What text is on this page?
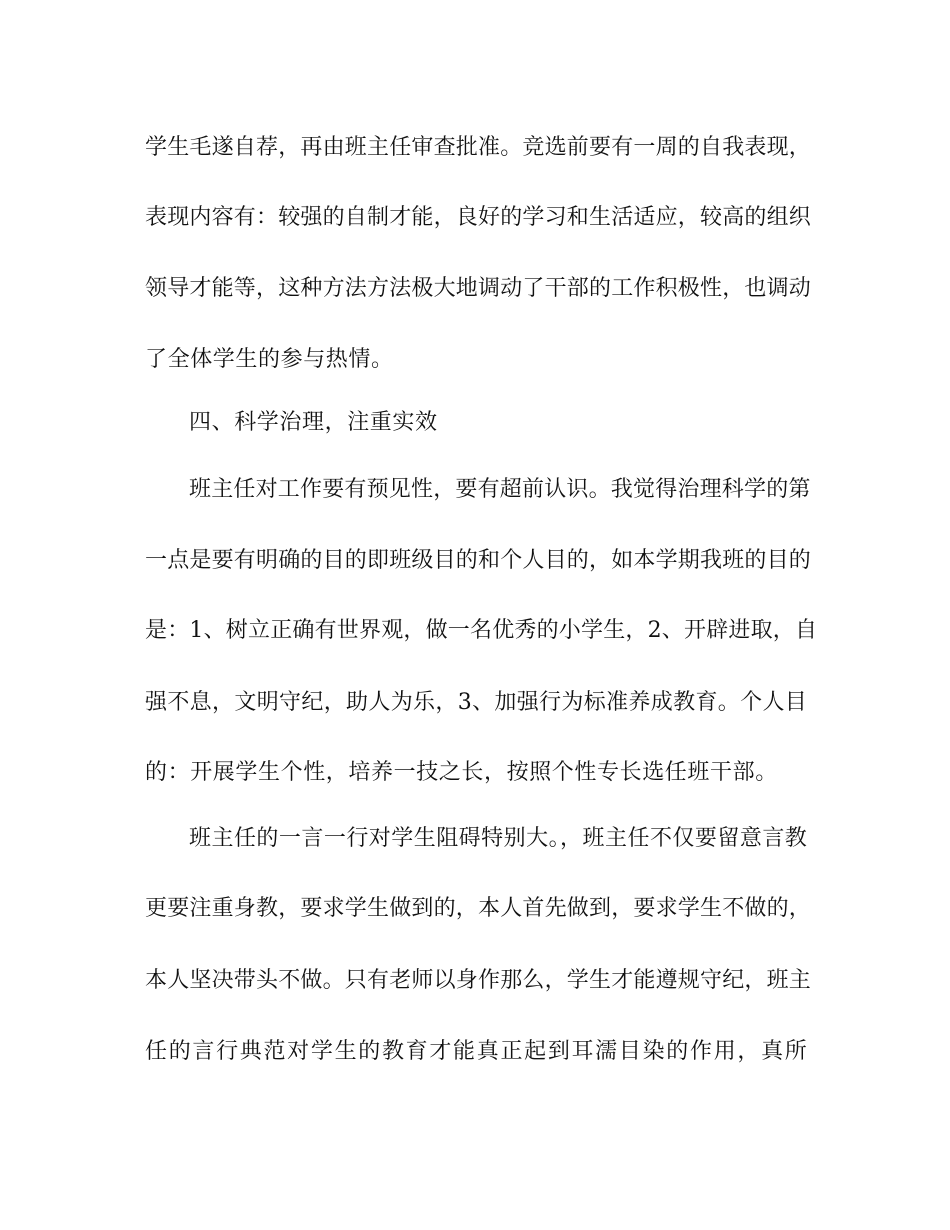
学生毛遂自荐，再由班主任审查批准。竞选前要有一周的自我表现，
表现内容有：较强的自制才能，良好的学习和生活适应，较高的组织
领导才能等，这种方法方法极大地调动了干部的工作积极性，也调动
了全体学生的参与热情。
四、科学治理，注重实效
班主任对工作要有预见性，要有超前认识。我觉得治理科学的第
一点是要有明确的目的即班级目的和个人目的，如本学期我班的目的
是：1、树立正确有世界观，做一名优秀的小学生，2、开辟进取，自
强不息，文明守纪，助人为乐，3、加强行为标准养成教育。个人目
的：开展学生个性，培养一技之长，按照个性专长选任班干部。
班主任的一言一行对学生阻碍特别大。，班主任不仅要留意言教
更要注重身教，要求学生做到的，本人首先做到，要求学生不做的，
本人坚决带头不做。只有老师以身作那么，学生才能遵规守纪，班主
任的言行典范对学生的教育才能真正起到耳濡目染的作用，真所
